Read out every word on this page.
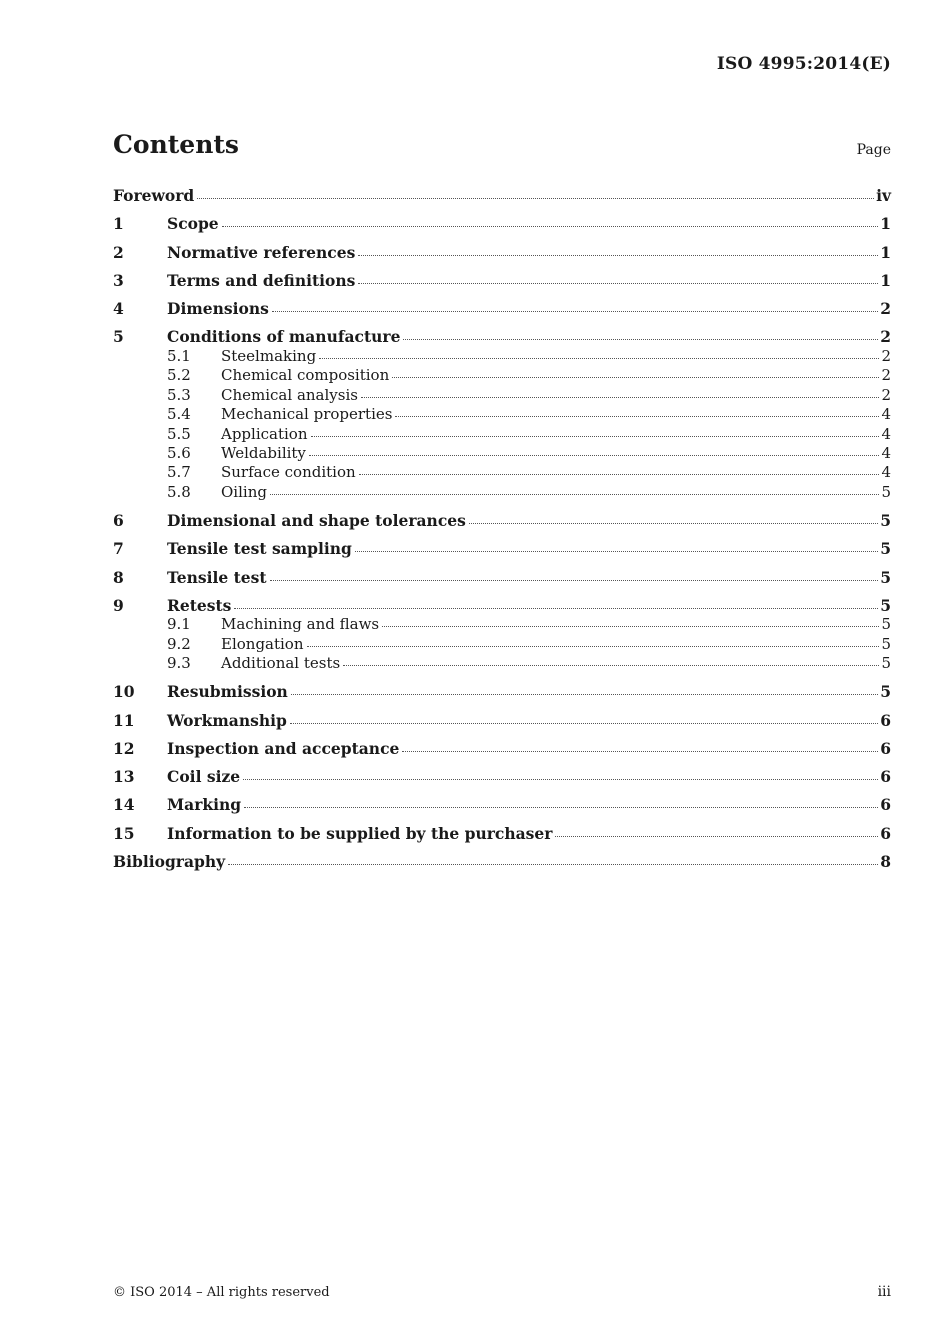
ISO 4995:2014(E)
Contents	Page
Foreword	iv
1	Scope	1
2	Normative references	1
3	Terms and definitions	1
4	Dimensions	2
5	Conditions of manufacture	2
5.1	Steelmaking	2
5.2	Chemical composition	2
5.3	Chemical analysis	2
5.4	Mechanical properties	4
5.5	Application	4
5.6	Weldability	4
5.7	Surface condition	4
5.8	Oiling	5
6	Dimensional and shape tolerances	5
7	Tensile test sampling	5
8	Tensile test	5
9	Retests	5
9.1	Machining and flaws	5
9.2	Elongation	5
9.3	Additional tests	5
10	Resubmission	5
11	Workmanship	6
12	Inspection and acceptance	6
13	Coil size	6
14	Marking	6
15	Information to be supplied by the purchaser	6
Bibliography	8
© ISO 2014 – All rights reserved	iii
